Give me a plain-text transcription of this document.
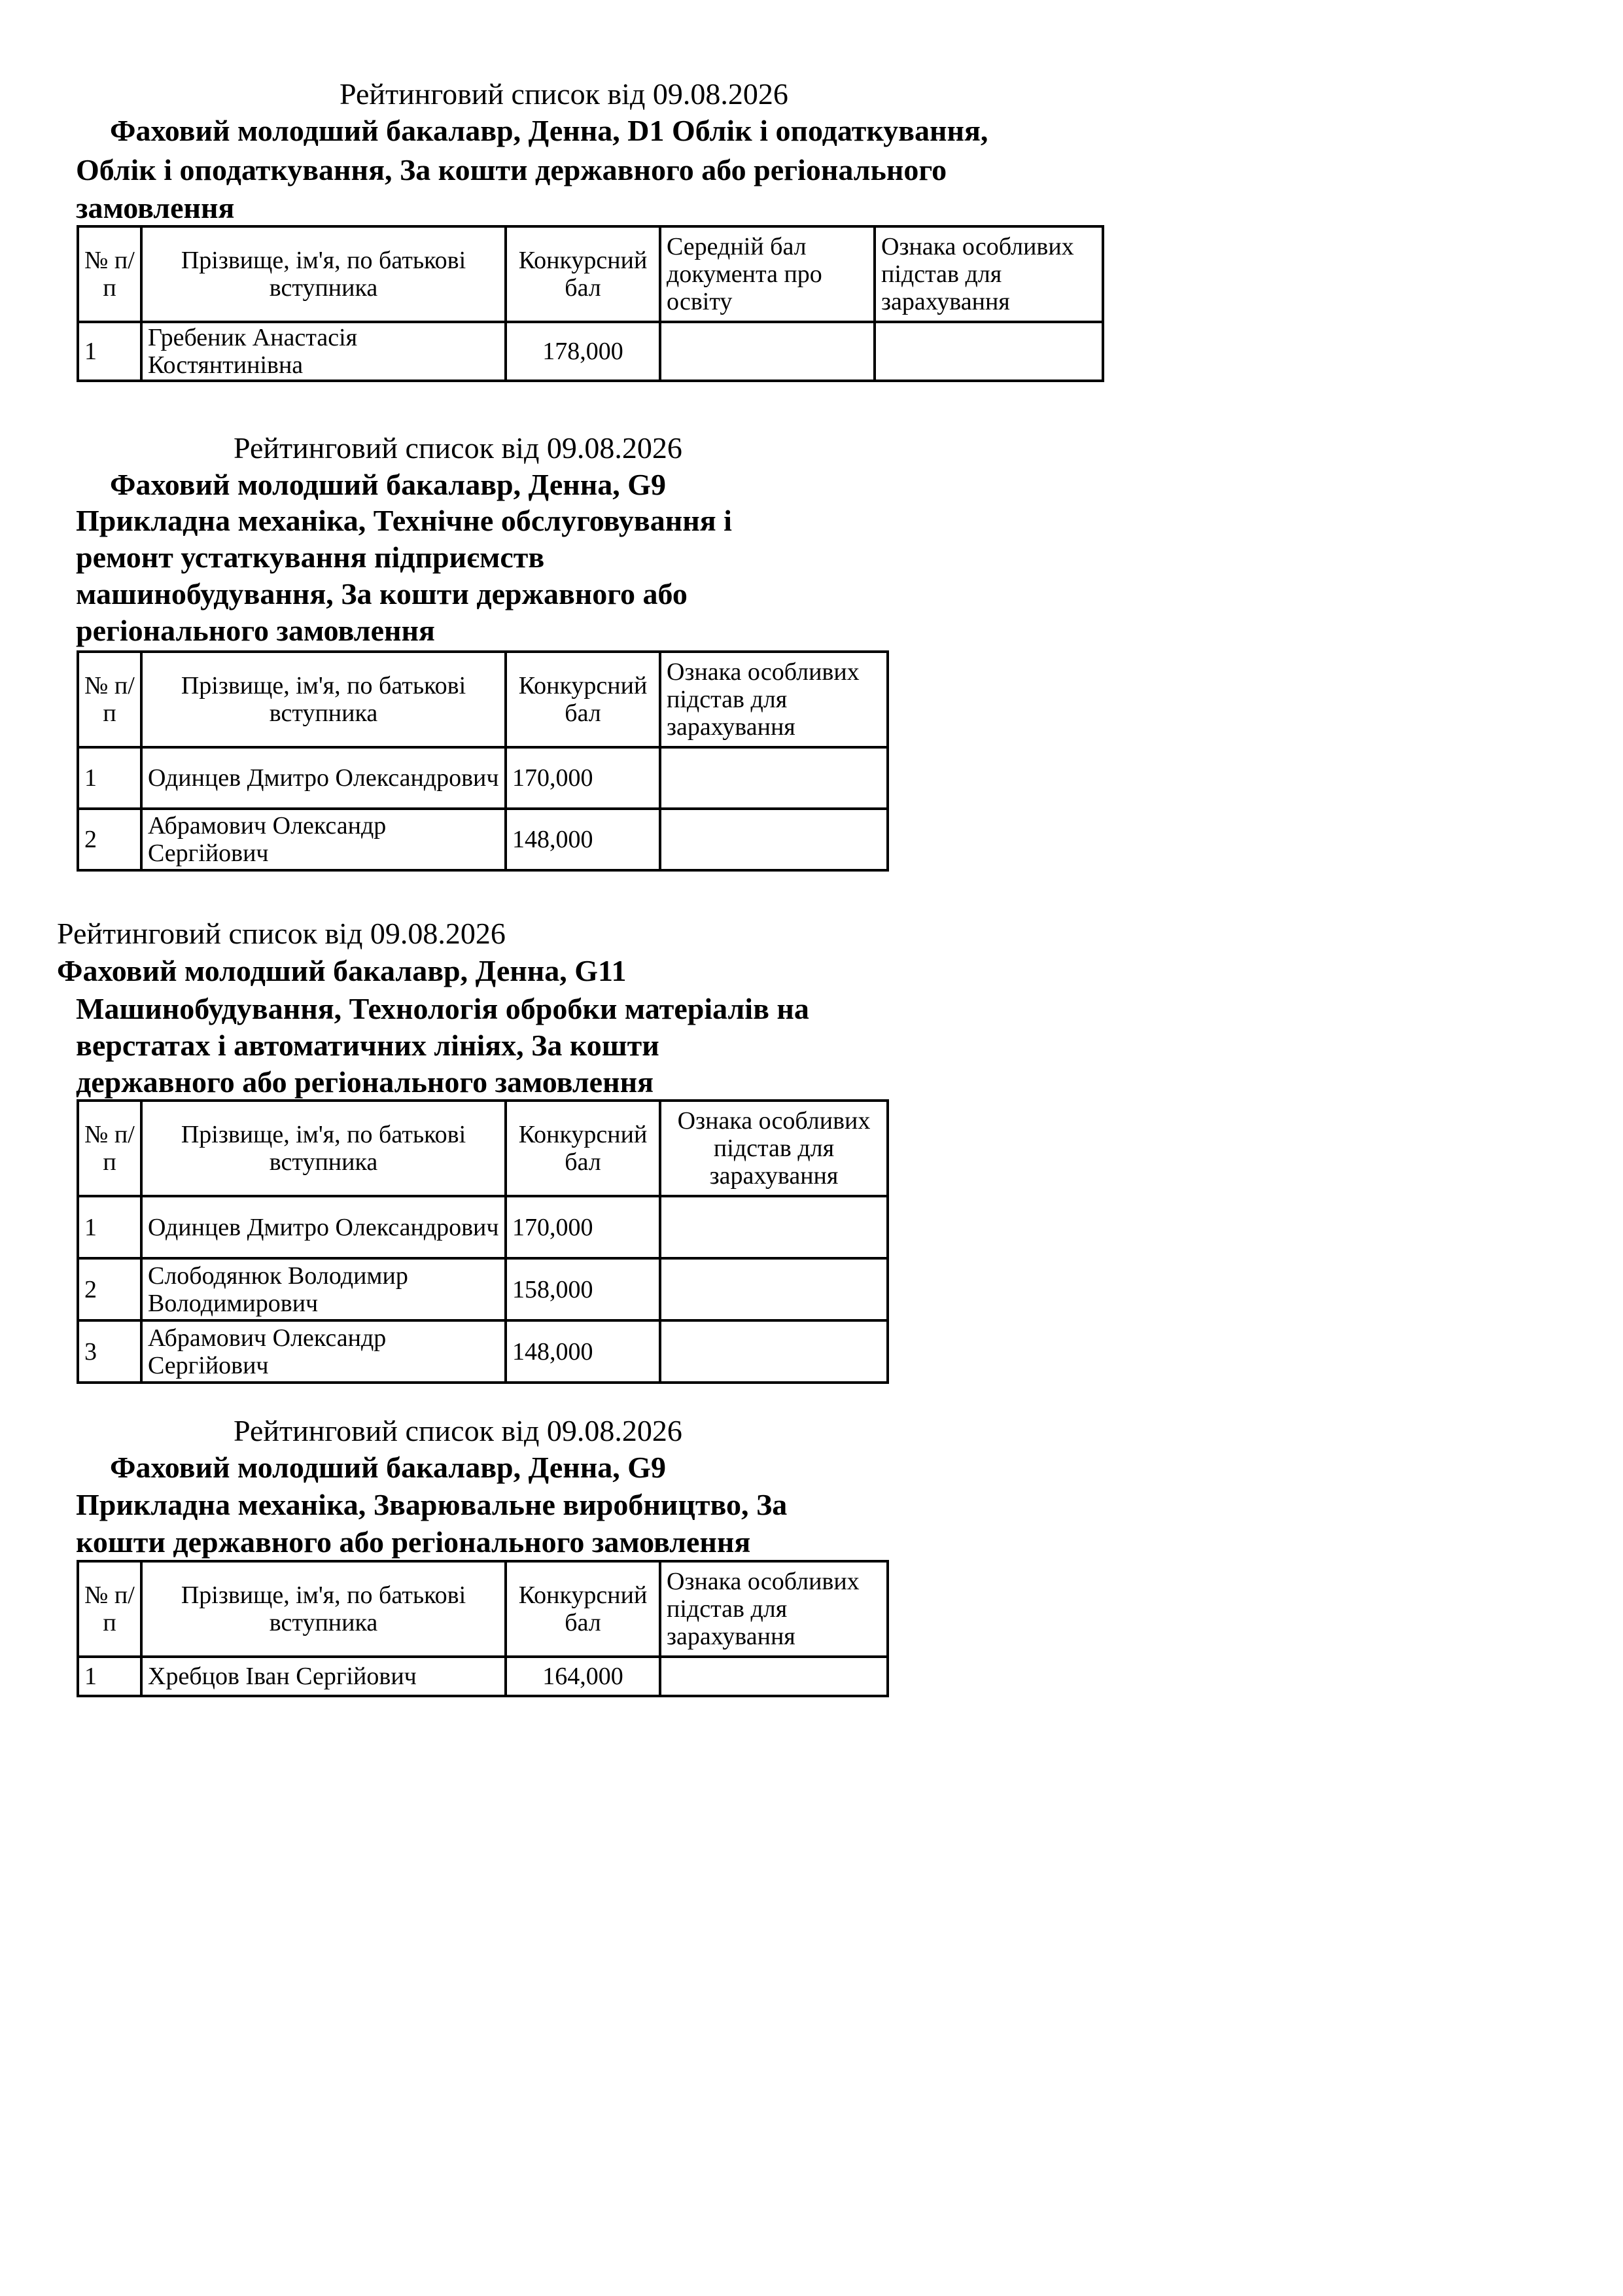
Рейтинговий список від 09.08.2026
Фаховий молодший бакалавр, Денна, D1 Облік і оподаткування,
Облік і оподаткування, За кошти державного або регіонального
замовлення
№ п/п	Прізвище, ім'я, по батькові вступника	Конкурсний бал	Середній бал документа про освіту	Ознака особливих підстав для зарахування
1	Гребеник Анастасія Костянтинівна	178,000		
Рейтинговий список від 09.08.2026
Фаховий молодший бакалавр, Денна, G9
Прикладна механіка, Технічне обслуговування і
ремонт устаткування підприємств
машинобудування, За кошти державного або
регіонального замовлення
№ п/п	Прізвище, ім'я, по батькові вступника	Конкурсний бал	Ознака особливих підстав для зарахування
1	Одинцев Дмитро Олександрович	170,000	
2	Абрамович Олександр Сергійович	148,000	
Рейтинговий список від 09.08.2026
Фаховий молодший бакалавр, Денна, G11
Машинобудування, Технологія обробки матеріалів на
верстатах і автоматичних лініях, За кошти
державного або регіонального замовлення
№ п/п	Прізвище, ім'я, по батькові вступника	Конкурсний бал	Ознака особливих підстав для зарахування
1	Одинцев Дмитро Олександрович	170,000	
2	Слободянюк Володимир Володимирович	158,000	
3	Абрамович Олександр Сергійович	148,000	
Рейтинговий список від 09.08.2026
Фаховий молодший бакалавр, Денна, G9
Прикладна механіка, Зварювальне виробництво, За
кошти державного або регіонального замовлення
№ п/п	Прізвище, ім'я, по батькові вступника	Конкурсний бал	Ознака особливих підстав для зарахування
1	Хребцов Іван Сергійович	164,000	
